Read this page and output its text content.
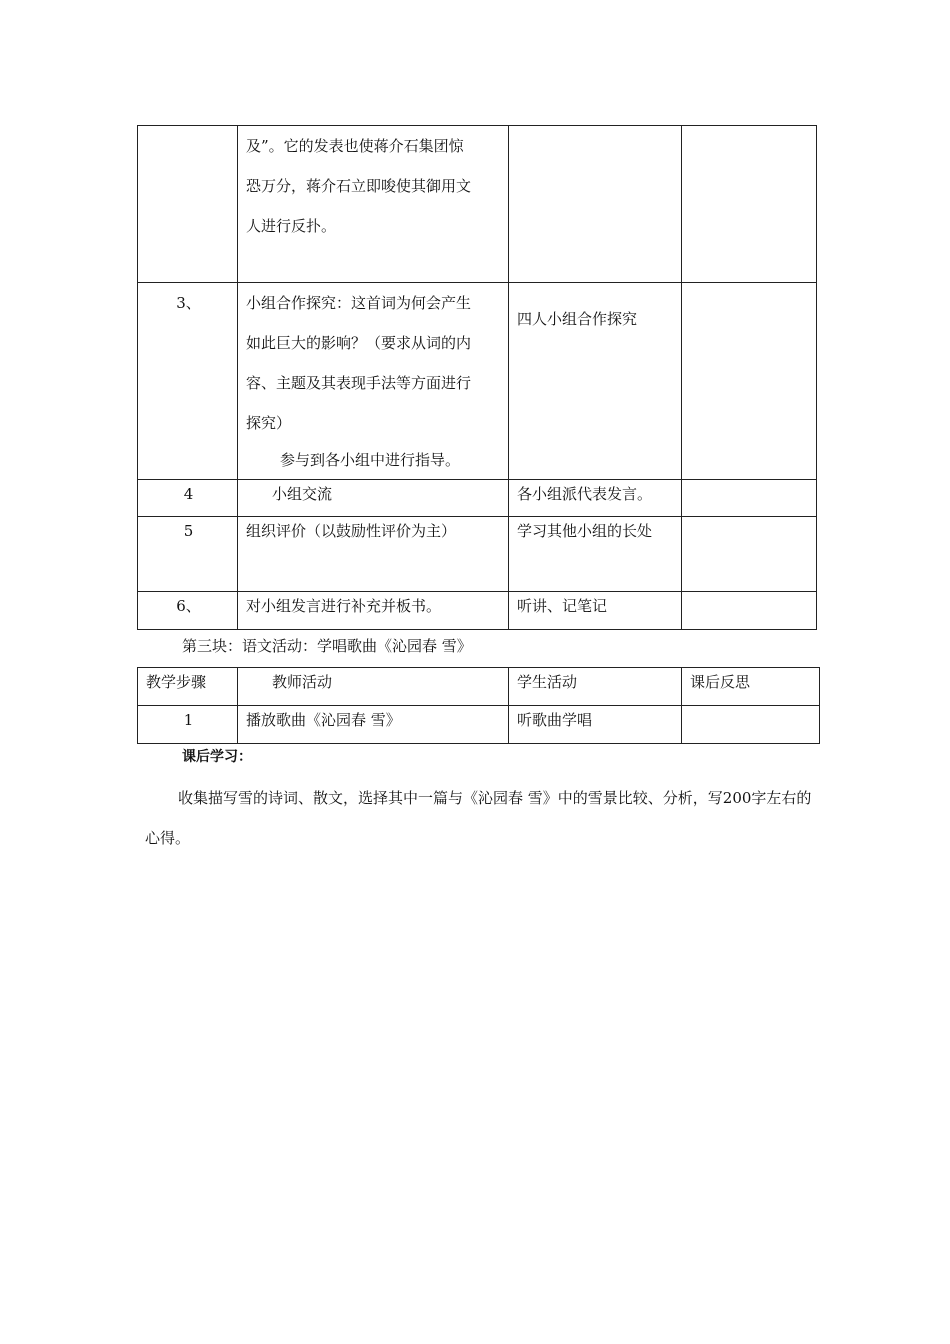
	及”。它的发表也使蒋介石集团惊
恐万分，蒋介石立即唆使其御用文
人进行反扑。		

3、	小组合作探究：这首词为何会产生
如此巨大的影响？（要求从词的内
容、主题及其表现手法等方面进行
探究）
参与到各小组中进行指导。	四人小组合作探究	

4	小组交流	各小组派代表发言。	

5	组织评价（以鼓励性评价为主）	学习其他小组的长处	

6、	对小组发言进行补充并板书。	听讲、记笔记	

第三块：语文活动：学唱歌曲《沁园春 雪》
教学步骤	教师活动	学生活动	课后反思

1	播放歌曲《沁园春 雪》	听歌曲学唱	

课后学习：
收集描写雪的诗词、散文，选择其中一篇与《沁园春 雪》中的雪景比较、分析，写200字左右的心得。
